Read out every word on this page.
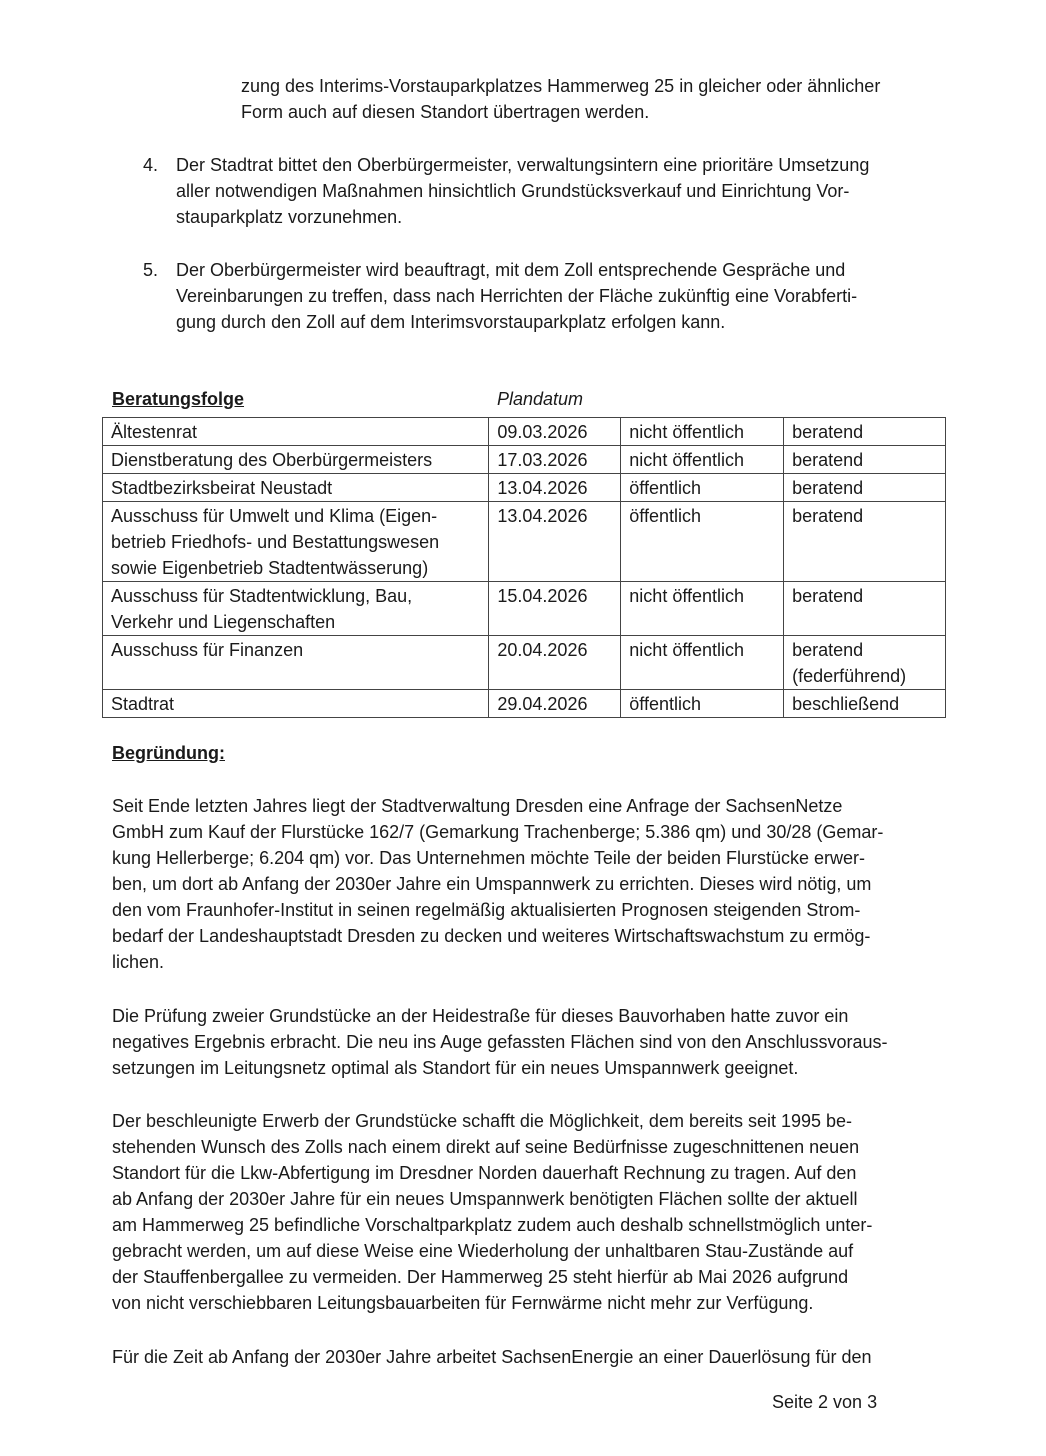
zung des Interims-Vorstauparkplatzes Hammerweg 25 in gleicher oder ähnlicher

Form auch auf diesen Standort übertragen werden.

4. Der Stadtrat bittet den Oberbürgermeister, verwaltungsintern eine prioritäre Umsetzung
aller notwendigen Maßnahmen hinsichtlich Grundstücksverkauf und Einrichtung Vor-
stauparkplatz vorzunehmen.
5. Der Oberbürgermeister wird beauftragt, mit dem Zoll entsprechende Gespräche und
Vereinbarungen zu treffen, dass nach Herrichten der Fläche zukünftig eine Vorabferti-
gung durch den Zoll auf dem Interimsvorstauparkplatz erfolgen kann.
Beratungsfolge	Plandatum
Ältestenrat	09.03.2026	nicht öffentlich	beratend

Dienstberatung des Oberbürgermeisters	17.03.2026	nicht öffentlich	beratend

Stadtbezirksbeirat Neustadt	13.04.2026	öffentlich	beratend

Ausschuss für Umwelt und Klima (Eigen-
betrieb Friedhofs- und Bestattungswesen
sowie Eigenbetrieb Stadtentwässerung)	13.04.2026	öffentlich	beratend

Ausschuss für Stadtentwicklung, Bau,
Verkehr und Liegenschaften	15.04.2026	nicht öffentlich	beratend

Ausschuss für Finanzen	20.04.2026	nicht öffentlich	beratend
(federführend)

Stadtrat	29.04.2026	öffentlich	beschließend
Begründung:
Seit Ende letzten Jahres liegt der Stadtverwaltung Dresden eine Anfrage der SachsenNetze
GmbH zum Kauf der Flurstücke 162/7 (Gemarkung Trachenberge; 5.386 qm) und 30/28 (Gemar-
kung Hellerberge; 6.204 qm) vor. Das Unternehmen möchte Teile der beiden Flurstücke erwer-
ben, um dort ab Anfang der 2030er Jahre ein Umspannwerk zu errichten. Dieses wird nötig, um
den vom Fraunhofer-Institut in seinen regelmäßig aktualisierten Prognosen steigenden Strom-
bedarf der Landeshauptstadt Dresden zu decken und weiteres Wirtschaftswachstum zu ermög-
lichen.
Die Prüfung zweier Grundstücke an der Heidestraße für dieses Bauvorhaben hatte zuvor ein
negatives Ergebnis erbracht. Die neu ins Auge gefassten Flächen sind von den Anschlussvoraus-
setzungen im Leitungsnetz optimal als Standort für ein neues Umspannwerk geeignet.
Der beschleunigte Erwerb der Grundstücke schafft die Möglichkeit, dem bereits seit 1995 be-
stehenden Wunsch des Zolls nach einem direkt auf seine Bedürfnisse zugeschnittenen neuen
Standort für die Lkw-Abfertigung im Dresdner Norden dauerhaft Rechnung zu tragen. Auf den
ab Anfang der 2030er Jahre für ein neues Umspannwerk benötigten Flächen sollte der aktuell
am Hammerweg 25 befindliche Vorschaltparkplatz zudem auch deshalb schnellstmöglich unter-
gebracht werden, um auf diese Weise eine Wiederholung der unhaltbaren Stau-Zustände auf
der Stauffenbergallee zu vermeiden. Der Hammerweg 25 steht hierfür ab Mai 2026 aufgrund
von nicht verschiebbaren Leitungsbauarbeiten für Fernwärme nicht mehr zur Verfügung.
Für die Zeit ab Anfang der 2030er Jahre arbeitet SachsenEnergie an einer Dauerlösung für den
Seite 2 von 3
